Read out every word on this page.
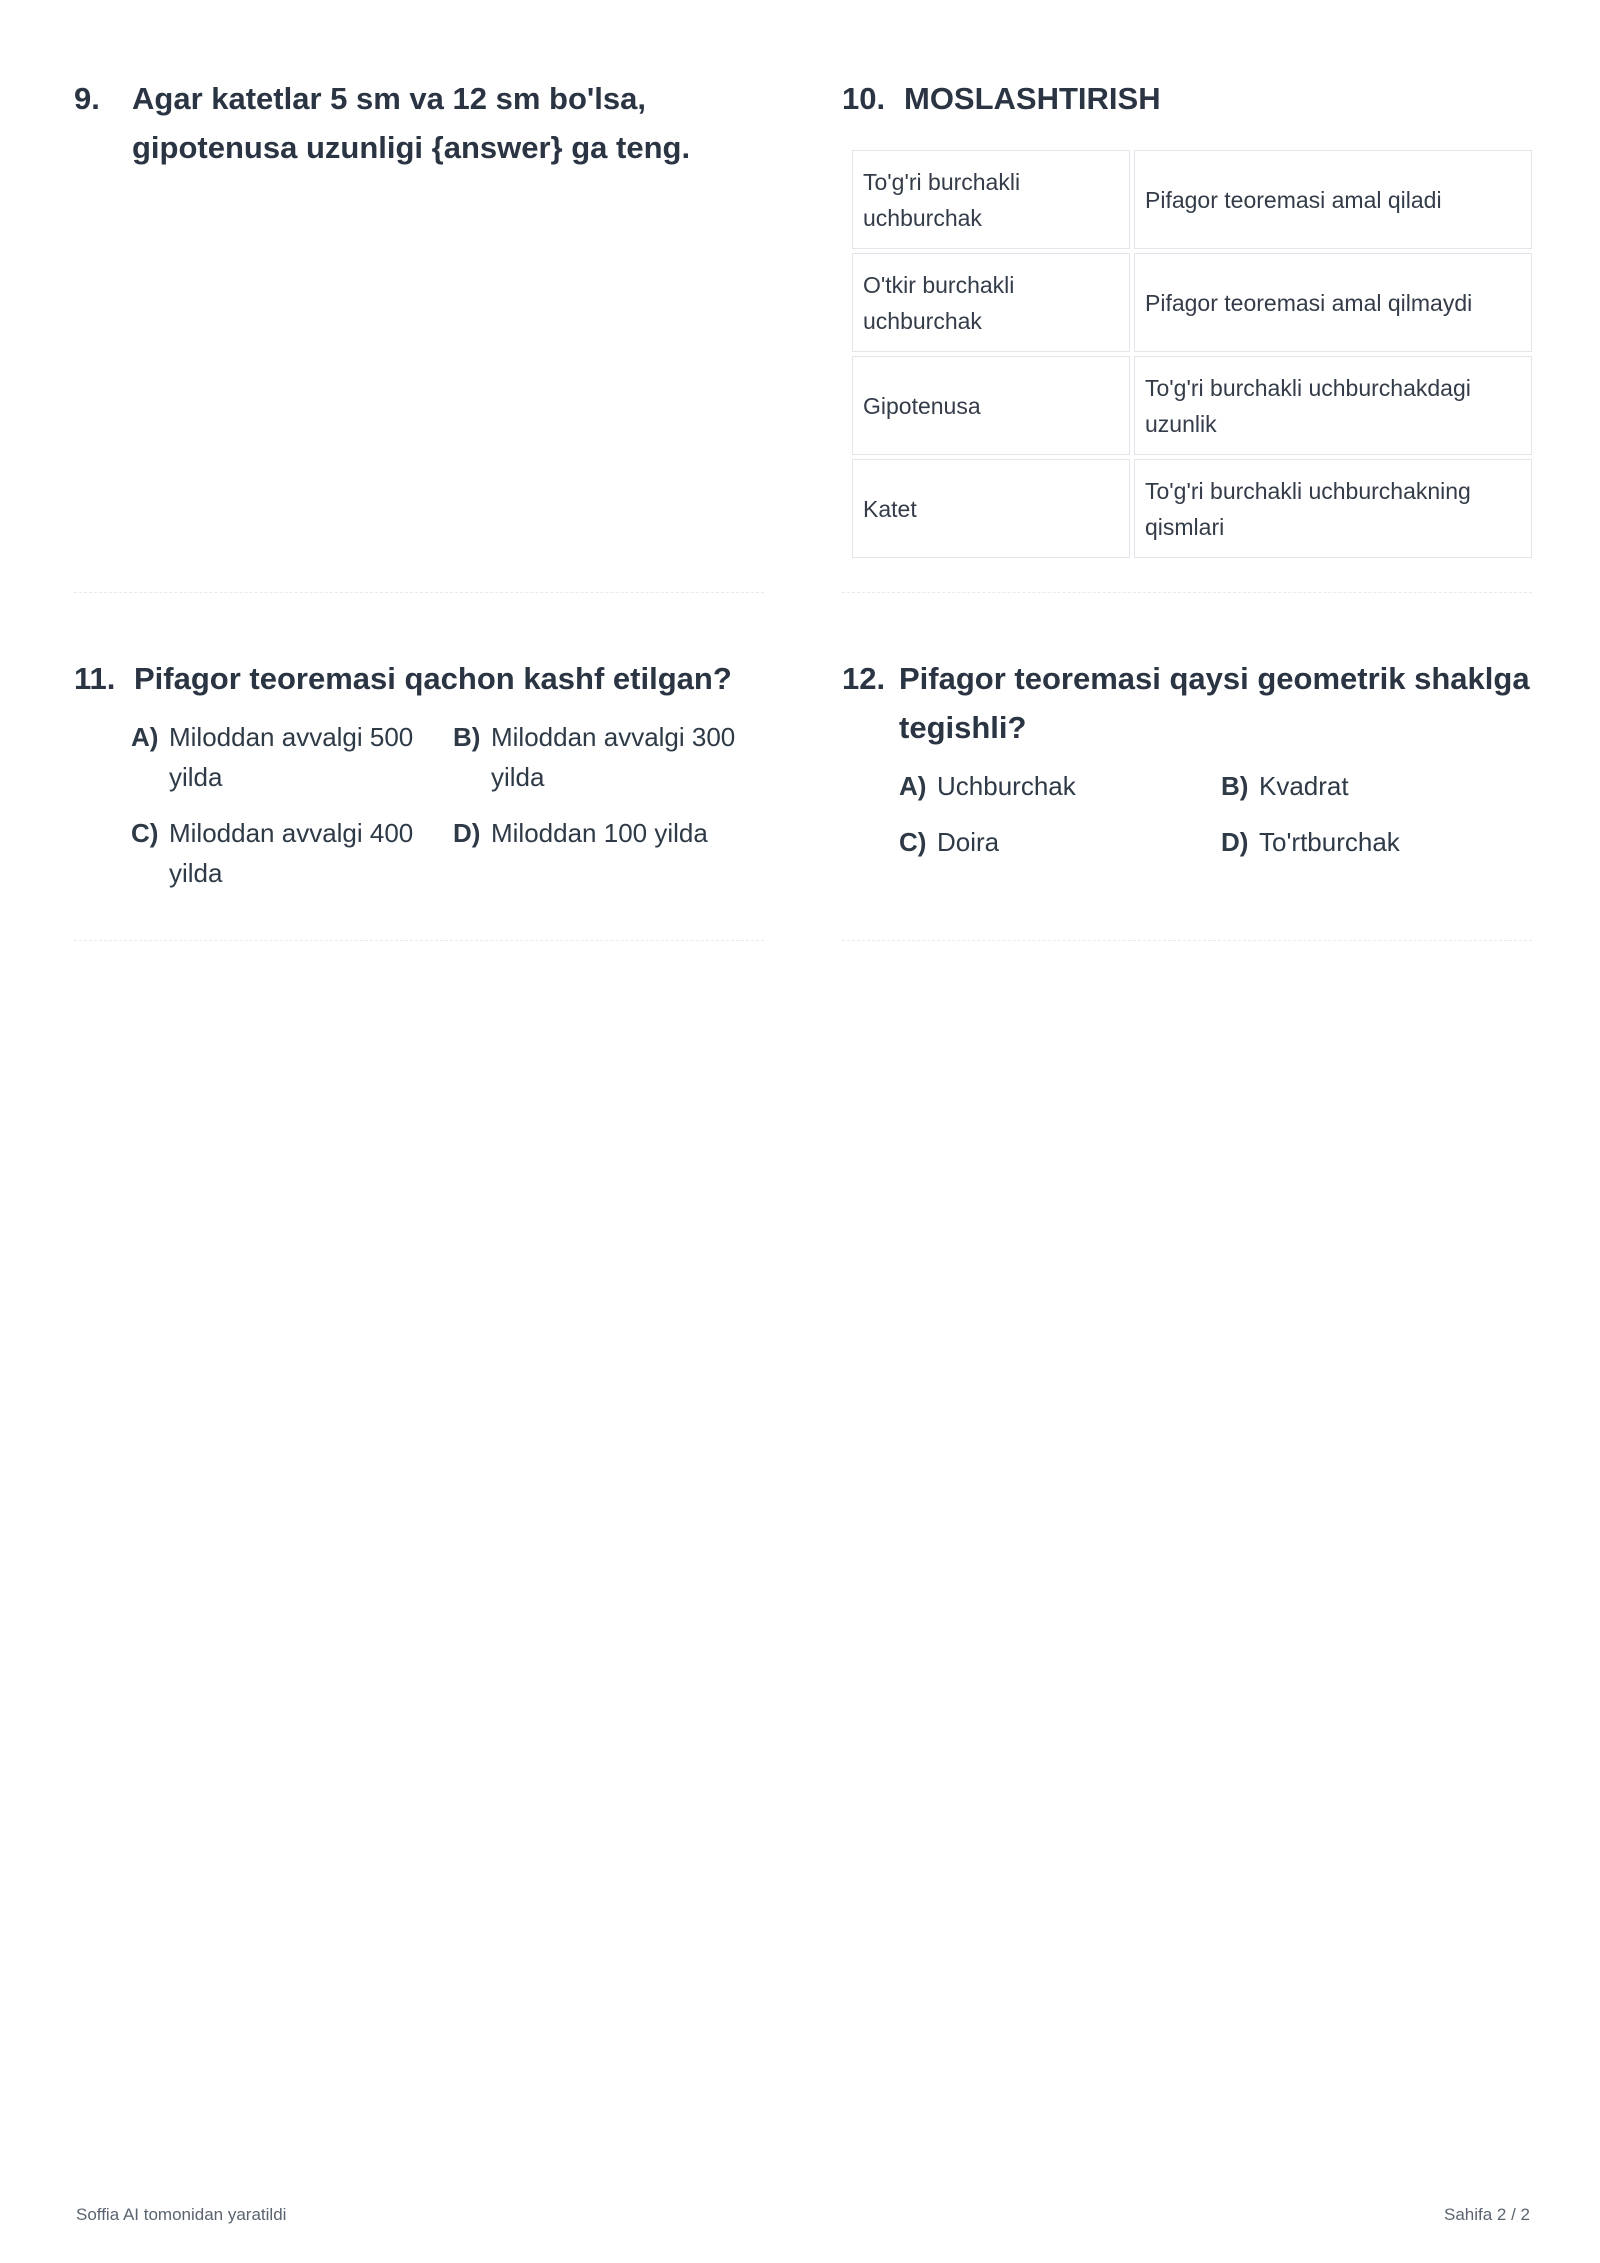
9.	Agar katetlar 5 sm va 12 sm bo'lsa, gipotenusa uzunligi {answer} ga teng.
10. MOSLASHTIRISH
To'g'ri burchakli uchburchak	Pifagor teoremasi amal qiladi
O'tkir burchakli uchburchak	Pifagor teoremasi amal qilmaydi
Gipotenusa	To'g'ri burchakli uchburchakdagi uzunlik
Katet	To'g'ri burchakli uchburchakning qismlari
11. Pifagor teoremasi qachon kashf etilgan?
A) Miloddan avvalgi 500 yilda
B) Miloddan avvalgi 300 yilda
C) Miloddan avvalgi 400 yilda
D) Miloddan 100 yilda
12. Pifagor teoremasi qaysi geometrik shaklga tegishli?
A) Uchburchak	B) Kvadrat
C) Doira	D) To'rtburchak
Soffia AI tomonidan yaratildi	Sahifa 2 / 2
